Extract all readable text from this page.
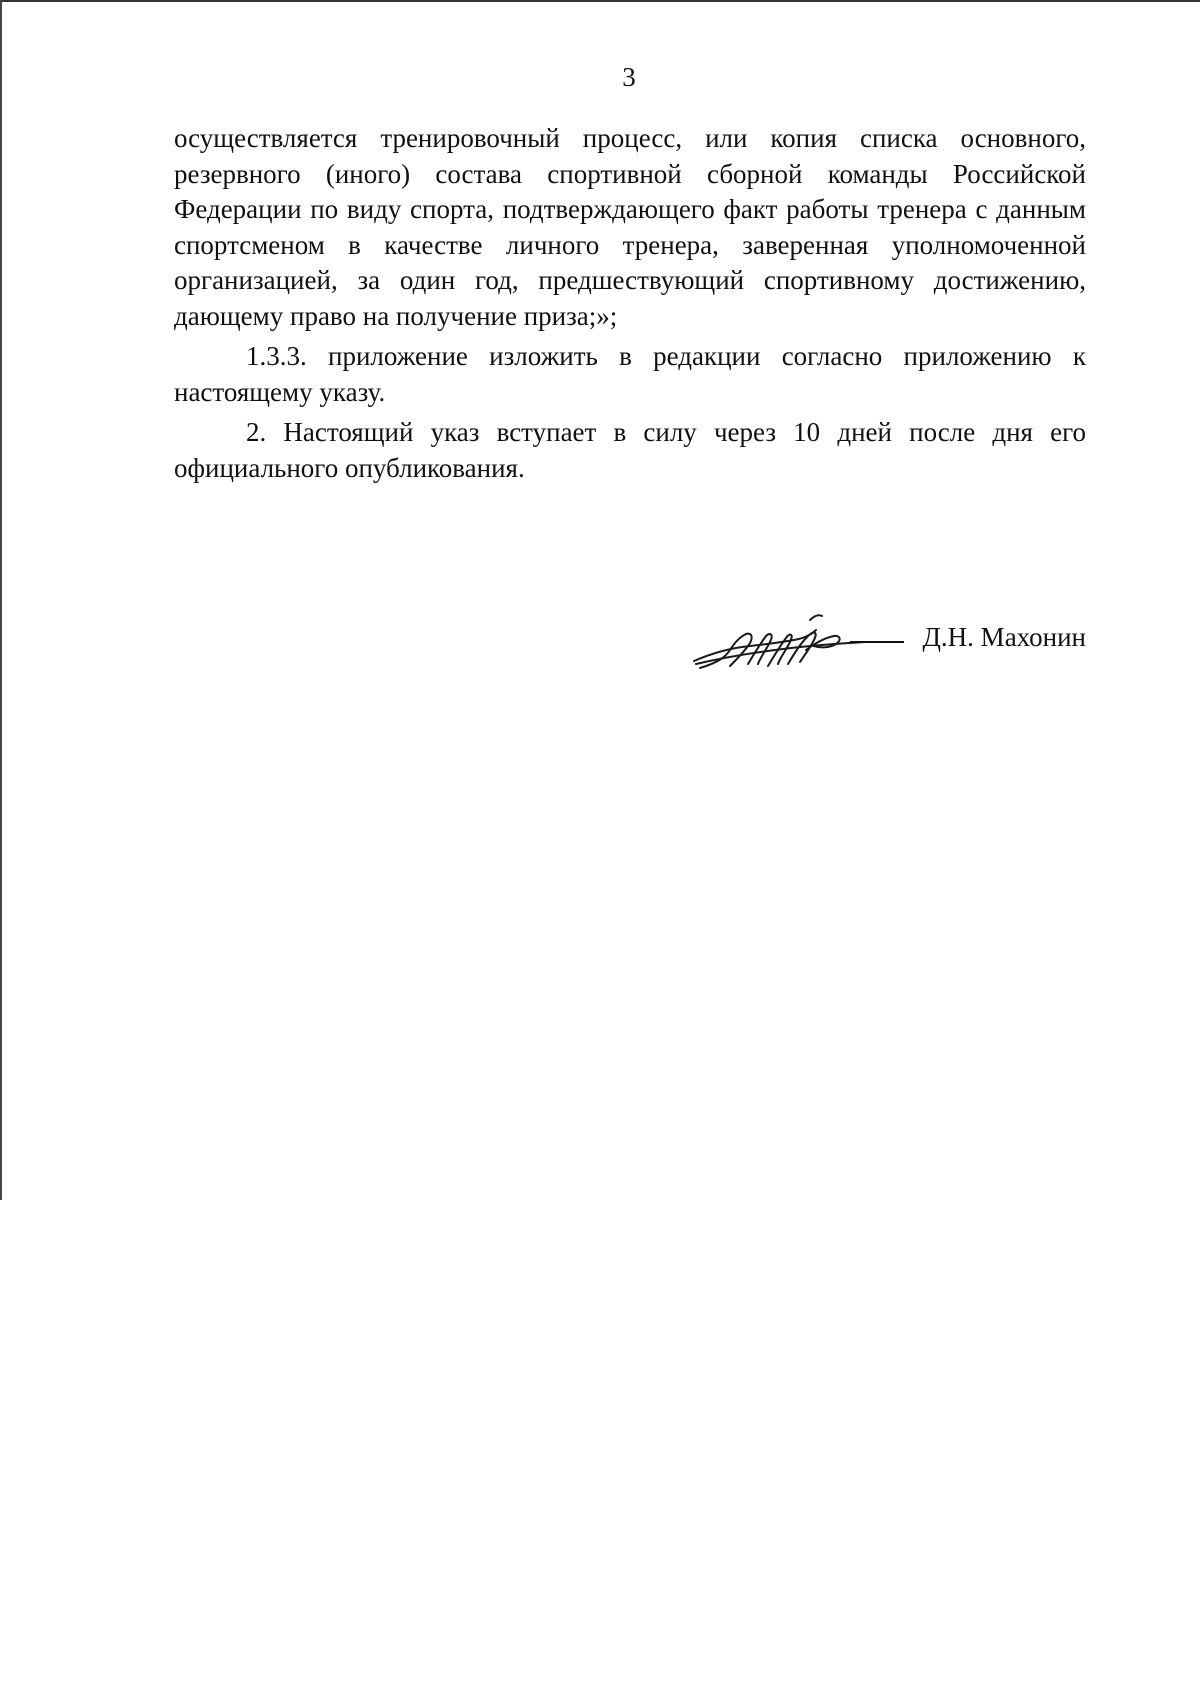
3

осуществляется тренировочный процесс, или копия списка основного, резервного (иного) состава спортивной сборной команды Российской Федерации по виду спорта, подтверждающего факт работы тренера с данным спортсменом в качестве личного тренера, заверенная уполномоченной организацией, за один год, предшествующий спортивному достижению, дающему право на получение приза;»;

1.3.3. приложение изложить в редакции согласно приложению к настоящему указу.

2. Настоящий указ вступает в силу через 10 дней после дня его официального опубликования.

Д.Н. Махонин
